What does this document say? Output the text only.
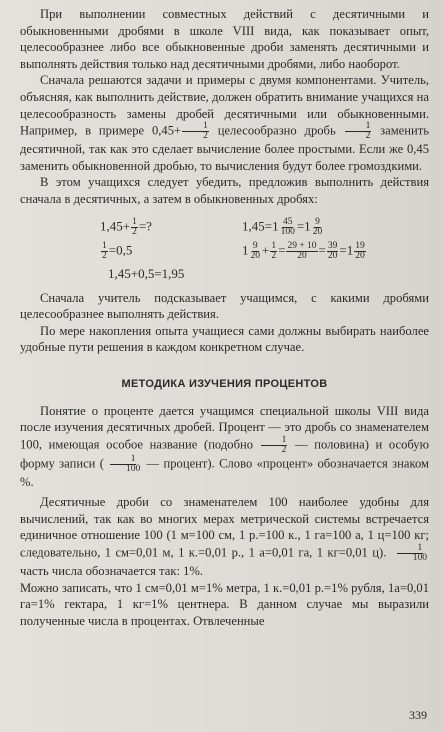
При выполнении совместных действий с десятичными и обыкновенными дробями в школе VIII вида, как показывает опыт, целесообразнее либо все обыкновенные дроби заменять десятичными и выполнять действия только над десятичными дробями, либо наоборот.

Сначала решаются задачи и примеры с двумя компонентами. Учитель, объясняя, как выполнить действие, должен обратить внимание учащихся на целесообразность замены дробей десятичными или обыкновенными. Например, в примере $0,45+ \frac{1}{2}$ целесообразно дробь $\frac{1}{2}$ заменить десятичной, так как это сделает вычисление более простыми. Если же 0,45 заменить обыкновенной дробью, то вычисления будут более громоздкими.

В этом учащихся следует убедить, предложив выполнить действия сначала в десятичных, а затем в обыкновенных дробях:

$1,45+ \frac{1}{2}$ =?
$\frac{1}{2} =0,5$
1,45+0,5=1,95
$1,45=1 \frac{45}{100} =1 \frac{9}{20}$
$1 \frac{9}{20} + \frac{1}{2} = \frac{29 + 10}{20} = \frac{39}{20} =1 \frac{19}{20}$

Сначала учитель подсказывает учащимся, с какими дробями целесообразнее выполнять действия.

По мере накопления опыта учащиеся сами должны выбирать наиболее удобные пути решения в каждом конкретном случае.

МЕТОДИКА ИЗУЧЕНИЯ ПРОЦЕНТОВ

Понятие о проценте дается учащимся специальной школы VIII вида после изучения десятичных дробей. Процент — это дробь со знаменателем 100, имеющая особое название (подобно $\frac{1}{2}$ — половина) и особую форму записи ( $\frac{1}{100}$ — процент). Слово «процент» обозначается знаком %.

Десятичные дроби со знаменателем 100 наиболее удобны для вычислений, так как во многих мерах метрической системы встречается единичное отношение 100 (1 м=100 см, 1 р.=100 к., 1 га=100 а, 1 ц=100 кг; следовательно, 1 см=0,01 м, 1 к.=0,01 р., 1 а=0,01 га, 1 кг=0,01 ц). $\frac{1}{100}$
часть числа обозначается так: 1%.

Можно записать, что 1 см=0,01 м=1% метра, 1 к.=0,01 р.=1% рубля, 1а=0,01 га=1% гектара, 1 кг=1% центнера. В данном случае мы выразили полученные числа в процентах. Отвлеченные

339
